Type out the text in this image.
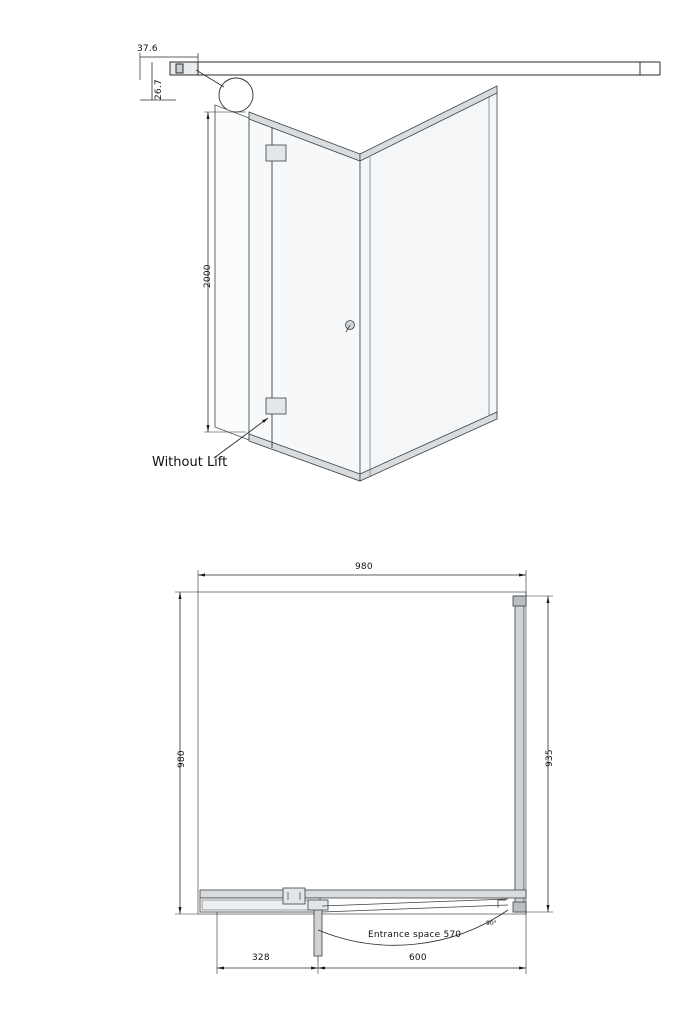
37.6
26.7
2000
Without Lift
980
980	935
328	600
Entrance space 570
90°
